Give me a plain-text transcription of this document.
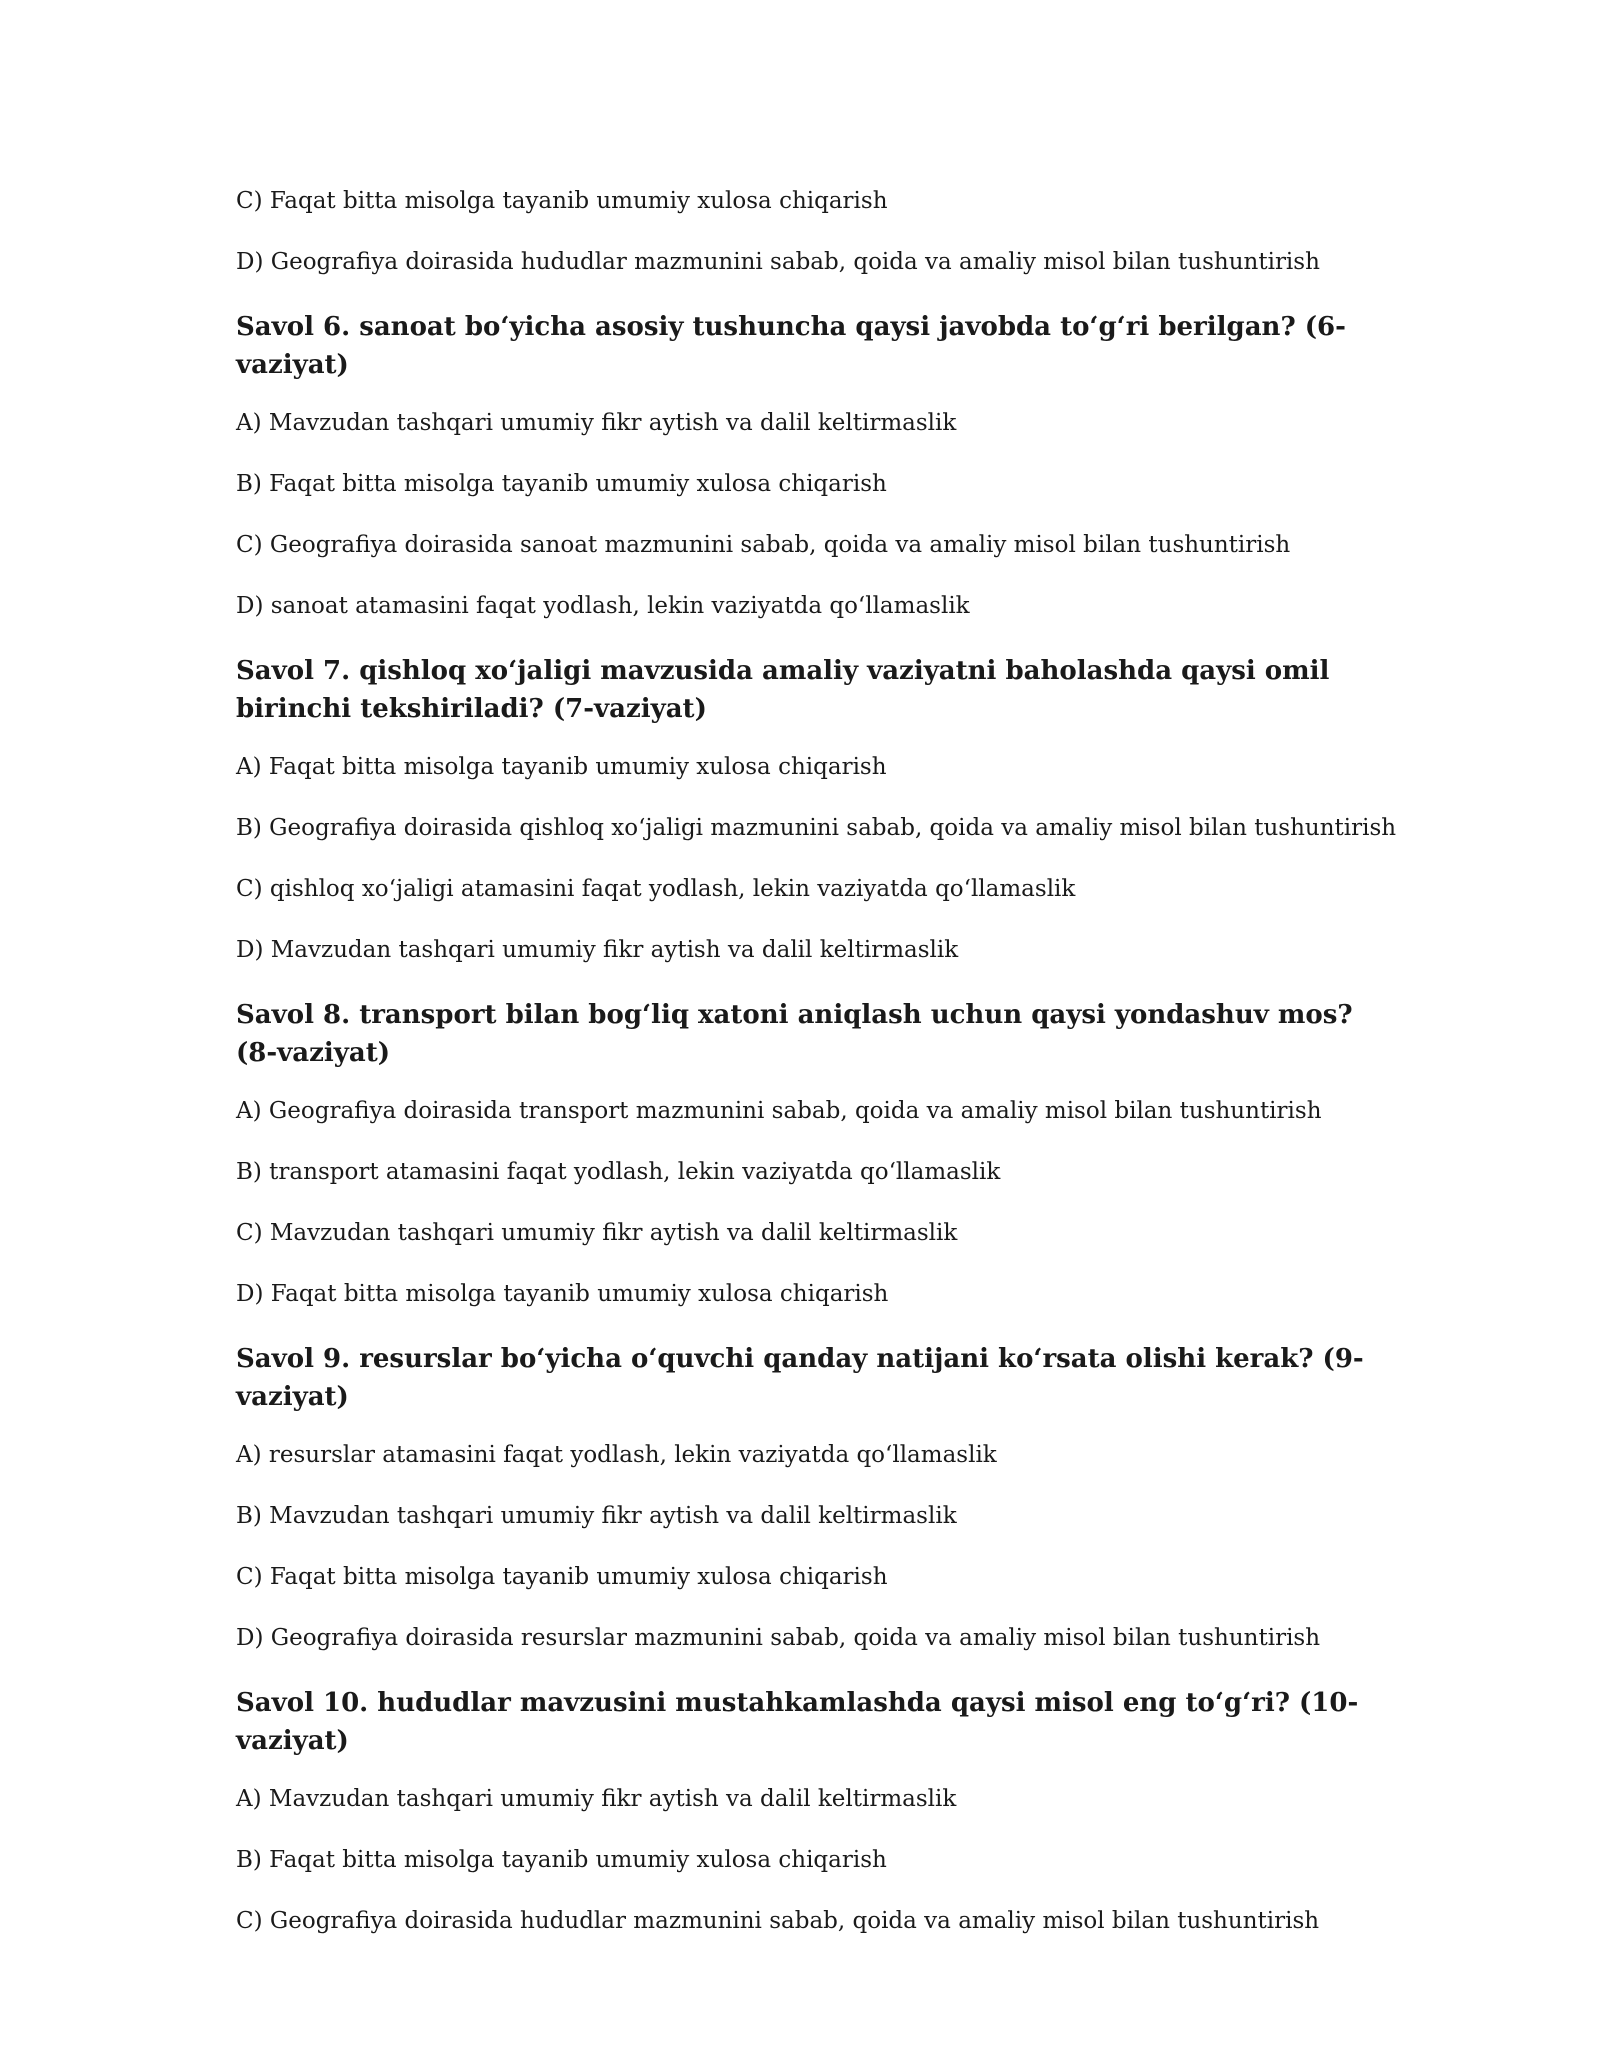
C) Faqat bitta misolga tayanib umumiy xulosa chiqarish

D) Geografiya doirasida hududlar mazmunini sabab, qoida va amaliy misol bilan tushuntirish

Savol 6. sanoat bo‘yicha asosiy tushuncha qaysi javobda to‘g‘ri berilgan? (6-vaziyat)

A) Mavzudan tashqari umumiy fikr aytish va dalil keltirmaslik

B) Faqat bitta misolga tayanib umumiy xulosa chiqarish

C) Geografiya doirasida sanoat mazmunini sabab, qoida va amaliy misol bilan tushuntirish

D) sanoat atamasini faqat yodlash, lekin vaziyatda qo‘llamaslik

Savol 7. qishloq xo‘jaligi mavzusida amaliy vaziyatni baholashda qaysi omil birinchi tekshiriladi? (7-vaziyat)

A) Faqat bitta misolga tayanib umumiy xulosa chiqarish

B) Geografiya doirasida qishloq xo‘jaligi mazmunini sabab, qoida va amaliy misol bilan tushuntirish

C) qishloq xo‘jaligi atamasini faqat yodlash, lekin vaziyatda qo‘llamaslik

D) Mavzudan tashqari umumiy fikr aytish va dalil keltirmaslik

Savol 8. transport bilan bog‘liq xatoni aniqlash uchun qaysi yondashuv mos? (8-vaziyat)

A) Geografiya doirasida transport mazmunini sabab, qoida va amaliy misol bilan tushuntirish

B) transport atamasini faqat yodlash, lekin vaziyatda qo‘llamaslik

C) Mavzudan tashqari umumiy fikr aytish va dalil keltirmaslik

D) Faqat bitta misolga tayanib umumiy xulosa chiqarish

Savol 9. resurslar bo‘yicha o‘quvchi qanday natijani ko‘rsata olishi kerak? (9-vaziyat)

A) resurslar atamasini faqat yodlash, lekin vaziyatda qo‘llamaslik

B) Mavzudan tashqari umumiy fikr aytish va dalil keltirmaslik

C) Faqat bitta misolga tayanib umumiy xulosa chiqarish

D) Geografiya doirasida resurslar mazmunini sabab, qoida va amaliy misol bilan tushuntirish

Savol 10. hududlar mavzusini mustahkamlashda qaysi misol eng to‘g‘ri? (10-vaziyat)

A) Mavzudan tashqari umumiy fikr aytish va dalil keltirmaslik

B) Faqat bitta misolga tayanib umumiy xulosa chiqarish

C) Geografiya doirasida hududlar mazmunini sabab, qoida va amaliy misol bilan tushuntirish
